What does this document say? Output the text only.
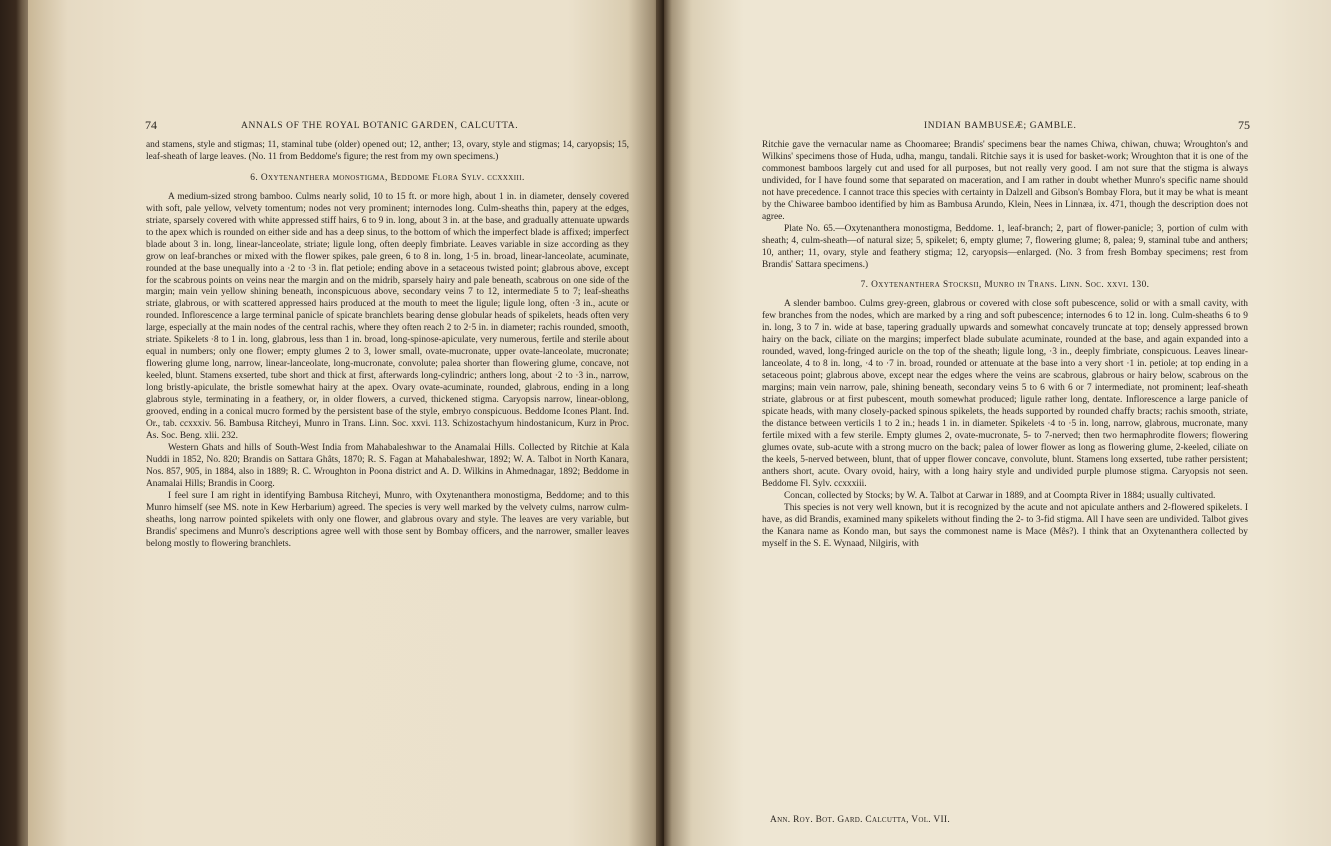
74	ANNALS OF THE ROYAL BOTANIC GARDEN, CALCUTTA.

and stamens, style and stigmas; 11, staminal tube (older) opened out; 12, anther; 13, ovary, style and stigmas; 14, caryopsis; 15, leaf-sheath of large leaves. (No. 11 from Beddome's figure; the rest from my own specimens.)

6. Oxytenanthera monostigma, Beddome Flora Sylv. ccxxxiii.

A medium-sized strong bamboo. Culms nearly solid, 10 to 15 ft. or more high, about 1 in. in diameter, densely covered with soft, pale yellow, velvety tomentum; nodes not very prominent; internodes long. Culm-sheaths thin, papery at the edges, striate, sparsely covered with white appressed stiff hairs, 6 to 9 in. long, about 3 in. at the base, and gradually attenuate upwards to the apex which is rounded on either side and has a deep sinus, to the bottom of which the imperfect blade is affixed; imperfect blade about 3 in. long, linear-lanceolate, striate; ligule long, often deeply fimbriate. Leaves variable in size according as they grow on leaf-branches or mixed with the flower spikes, pale green, 6 to 8 in. long, 1·5 in. broad, linear-lanceolate, acuminate, rounded at the base unequally into a ·2 to ·3 in. flat petiole; ending above in a setaceous twisted point; glabrous above, except for the scabrous points on veins near the margin and on the midrib, sparsely hairy and pale beneath, scabrous on one side of the margin; main vein yellow shining beneath, inconspicuous above, secondary veins 7 to 12, intermediate 5 to 7; leaf-sheaths striate, glabrous, or with scattered appressed hairs produced at the mouth to meet the ligule; ligule long, often ·3 in., acute or rounded. Inflorescence a large terminal panicle of spicate branchlets bearing dense globular heads of spikelets, heads often very large, especially at the main nodes of the central rachis, where they often reach 2 to 2·5 in. in diameter; rachis rounded, smooth, striate. Spikelets ·8 to 1 in. long, glabrous, less than 1 in. broad, long-spinose-apiculate, very numerous, fertile and sterile about equal in numbers; only one flower; empty glumes 2 to 3, lower small, ovate-mucronate, upper ovate-lanceolate, mucronate; flowering glume long, narrow, linear-lanceolate, long-mucronate, convolute; palea shorter than flowering glume, concave, not keeled, blunt. Stamens exserted, tube short and thick at first, afterwards long-cylindric; anthers long, about ·2 to ·3 in., narrow, long bristly-apiculate, the bristle somewhat hairy at the apex. Ovary ovate-acuminate, rounded, glabrous, ending in a long glabrous style, terminating in a feathery, or, in older flowers, a curved, thickened stigma. Caryopsis narrow, linear-oblong, grooved, ending in a conical mucro formed by the persistent base of the style, embryo conspicuous. Beddome Icones Plant. Ind. Or., tab. ccxxxiv. 56. Bambusa Ritcheyi, Munro in Trans. Linn. Soc. xxvi. 113. Schizostachyum hindostanicum, Kurz in Proc. As. Soc. Beng. xlii. 232.

Western Ghats and hills of South-West India from Mahabaleshwar to the Anamalai Hills. Collected by Ritchie at Kala Nuddi in 1852, No. 820; Brandis on Sattara Ghâts, 1870; R. S. Fagan at Mahabaleshwar, 1892; W. A. Talbot in North Kanara, Nos. 857, 905, in 1884, also in 1889; R. C. Wroughton in Poona district and A. D. Wilkins in Ahmednagar, 1892; Beddome in Anamalai Hills; Brandis in Coorg.

I feel sure I am right in identifying Bambusa Ritcheyi, Munro, with Oxytenanthera monostigma, Beddome; and to this Munro himself (see MS. note in Kew Herbarium) agreed. The species is very well marked by the velvety culms, narrow culm-sheaths, long narrow pointed spikelets with only one flower, and glabrous ovary and style. The leaves are very variable, but Brandis' specimens and Munro's descriptions agree well with those sent by Bombay officers, and the narrower, smaller leaves belong mostly to flowering branchlets.

INDIAN BAMBUSEÆ; GAMBLE.	75

Ritchie gave the vernacular name as Choomaree; Brandis' specimens bear the names Chiwa, chiwan, chuwa; Wroughton's and Wilkins' specimens those of Huda, udha, mangu, tandali. Ritchie says it is used for basket-work; Wroughton that it is one of the commonest bamboos largely cut and used for all purposes, but not really very good. I am not sure that the stigma is always undivided, for I have found some that separated on maceration, and I am rather in doubt whether Munro's specific name should not have precedence. I cannot trace this species with certainty in Dalzell and Gibson's Bombay Flora, but it may be what is meant by the Chiwaree bamboo identified by him as Bambusa Arundo, Klein, Nees in Linnæa, ix. 471, though the description does not agree.

Plate No. 65.—Oxytenanthera monostigma, Beddome. 1, leaf-branch; 2, part of flower-panicle; 3, portion of culm with sheath; 4, culm-sheath—of natural size; 5, spikelet; 6, empty glume; 7, flowering glume; 8, palea; 9, staminal tube and anthers; 10, anther; 11, ovary, style and feathery stigma; 12, caryopsis—enlarged. (No. 3 from fresh Bombay specimens; rest from Brandis' Sattara specimens.)

7. Oxytenanthera Stocksii, Munro in Trans. Linn. Soc. xxvi. 130.

A slender bamboo. Culms grey-green, glabrous or covered with close soft pubescence, solid or with a small cavity, with few branches from the nodes, which are marked by a ring and soft pubescence; internodes 6 to 12 in. long. Culm-sheaths 6 to 9 in. long, 3 to 7 in. wide at base, tapering gradually upwards and somewhat concavely truncate at top; densely appressed brown hairy on the back, ciliate on the margins; imperfect blade subulate acuminate, rounded at the base, and again expanded into a rounded, waved, long-fringed auricle on the top of the sheath; ligule long, ·3 in., deeply fimbriate, conspicuous. Leaves linear-lanceolate, 4 to 8 in. long, ·4 to ·7 in. broad, rounded or attenuate at the base into a very short ·1 in. petiole; at top ending in a setaceous point; glabrous above, except near the edges where the veins are scabrous, glabrous or hairy below, scabrous on the margins; main vein narrow, pale, shining beneath, secondary veins 5 to 6 with 6 or 7 intermediate, not prominent; leaf-sheath striate, glabrous or at first pubescent, mouth somewhat produced; ligule rather long, dentate. Inflorescence a large panicle of spicate heads, with many closely-packed spinous spikelets, the heads supported by rounded chaffy bracts; rachis smooth, striate, the distance between verticils 1 to 2 in.; heads 1 in. in diameter. Spikelets ·4 to ·5 in. long, narrow, glabrous, mucronate, many fertile mixed with a few sterile. Empty glumes 2, ovate-mucronate, 5- to 7-nerved; then two hermaphrodite flowers; flowering glumes ovate, sub-acute with a strong mucro on the back; palea of lower flower as long as flowering glume, 2-keeled, ciliate on the keels, 5-nerved between, blunt, that of upper flower concave, convolute, blunt. Stamens long exserted, tube rather persistent; anthers short, acute. Ovary ovoid, hairy, with a long hairy style and undivided purple plumose stigma. Caryopsis not seen. Beddome Fl. Sylv. ccxxxiii.

Concan, collected by Stocks; by W. A. Talbot at Carwar in 1889, and at Coompta River in 1884; usually cultivated.

This species is not very well known, but it is recognized by the acute and not apiculate anthers and 2-flowered spikelets. I have, as did Brandis, examined many spikelets without finding the 2- to 3-fid stigma. All I have seen are undivided. Talbot gives the Kanara name as Kondo man, but says the commonest name is Mace (Mês?). I think that an Oxytenanthera collected by myself in the S. E. Wynaad, Nilgiris, with

Ann. Roy. Bot. Gard. Calcutta, Vol. VII.
